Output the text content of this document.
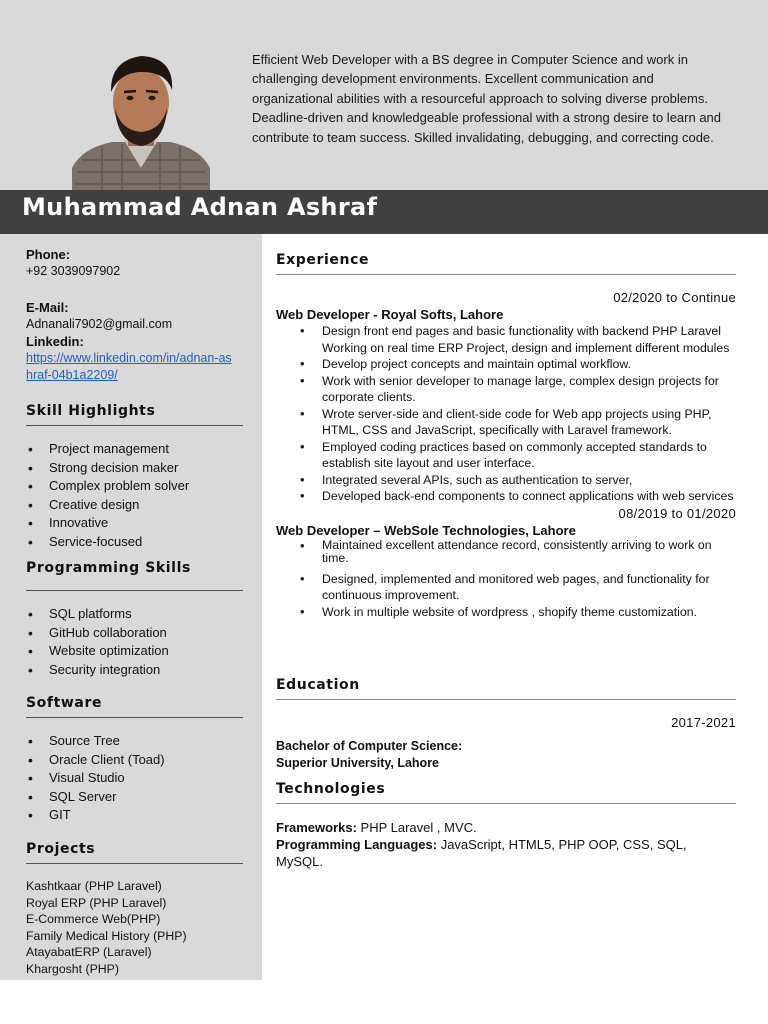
Efficient Web Developer with a BS degree in Computer Science and work in challenging development environments. Excellent communication and organizational abilities with a resourceful approach to solving diverse problems. Deadline-driven and knowledgeable professional with a strong desire to learn and contribute to team success. Skilled invalidating, debugging, and correcting code.

Muhammad Adnan Ashraf
Phone:
+92 3039097902
E-Mail:
Adnanali7902@gmail.com
Linkedin:
https://www.linkedin.com/in/adnan-ashraf-04b1a2209/
Skill Highlights
• Project management
• Strong decision maker
• Complex problem solver
• Creative design
• Innovative
• Service-focused
Programming Skills
• SQL platforms
• GitHub collaboration
• Website optimization
• Security integration
Software
• Source Tree
• Oracle Client (Toad)
• Visual Studio
• SQL Server
• GIT
Projects
Kashtkaar (PHP Laravel)
Royal ERP (PHP Laravel)
E-Commerce Web(PHP)
Family Medical History (PHP)
AtayabatERP (Laravel)
Khargosht (PHP)
Experience
02/2020 to Continue
Web Developer - Royal Softs, Lahore
• Design front end pages and basic functionality with backend PHP Laravel Working on real time ERP Project, design and implement different modules
• Develop project concepts and maintain optimal workflow.
• Work with senior developer to manage large, complex design projects for corporate clients.
• Wrote server-side and client-side code for Web app projects using PHP, HTML, CSS and JavaScript, specifically with Laravel framework.
• Employed coding practices based on commonly accepted standards to establish site layout and user interface.
• Integrated several APIs, such as authentication to server,
• Developed back-end components to connect applications with web services
08/2019 to 01/2020
Web Developer – WebSole Technologies, Lahore
• Maintained excellent attendance record, consistently arriving to work on time.
• Designed, implemented and monitored web pages, and functionality for continuous improvement.
• Work in multiple website of wordpress , shopify theme customization.
Education
2017-2021
Bachelor of Computer Science:
Superior University, Lahore
Technologies
Frameworks: PHP Laravel , MVC.
Programming Languages: JavaScript, HTML5, PHP OOP, CSS, SQL, MySQL.
